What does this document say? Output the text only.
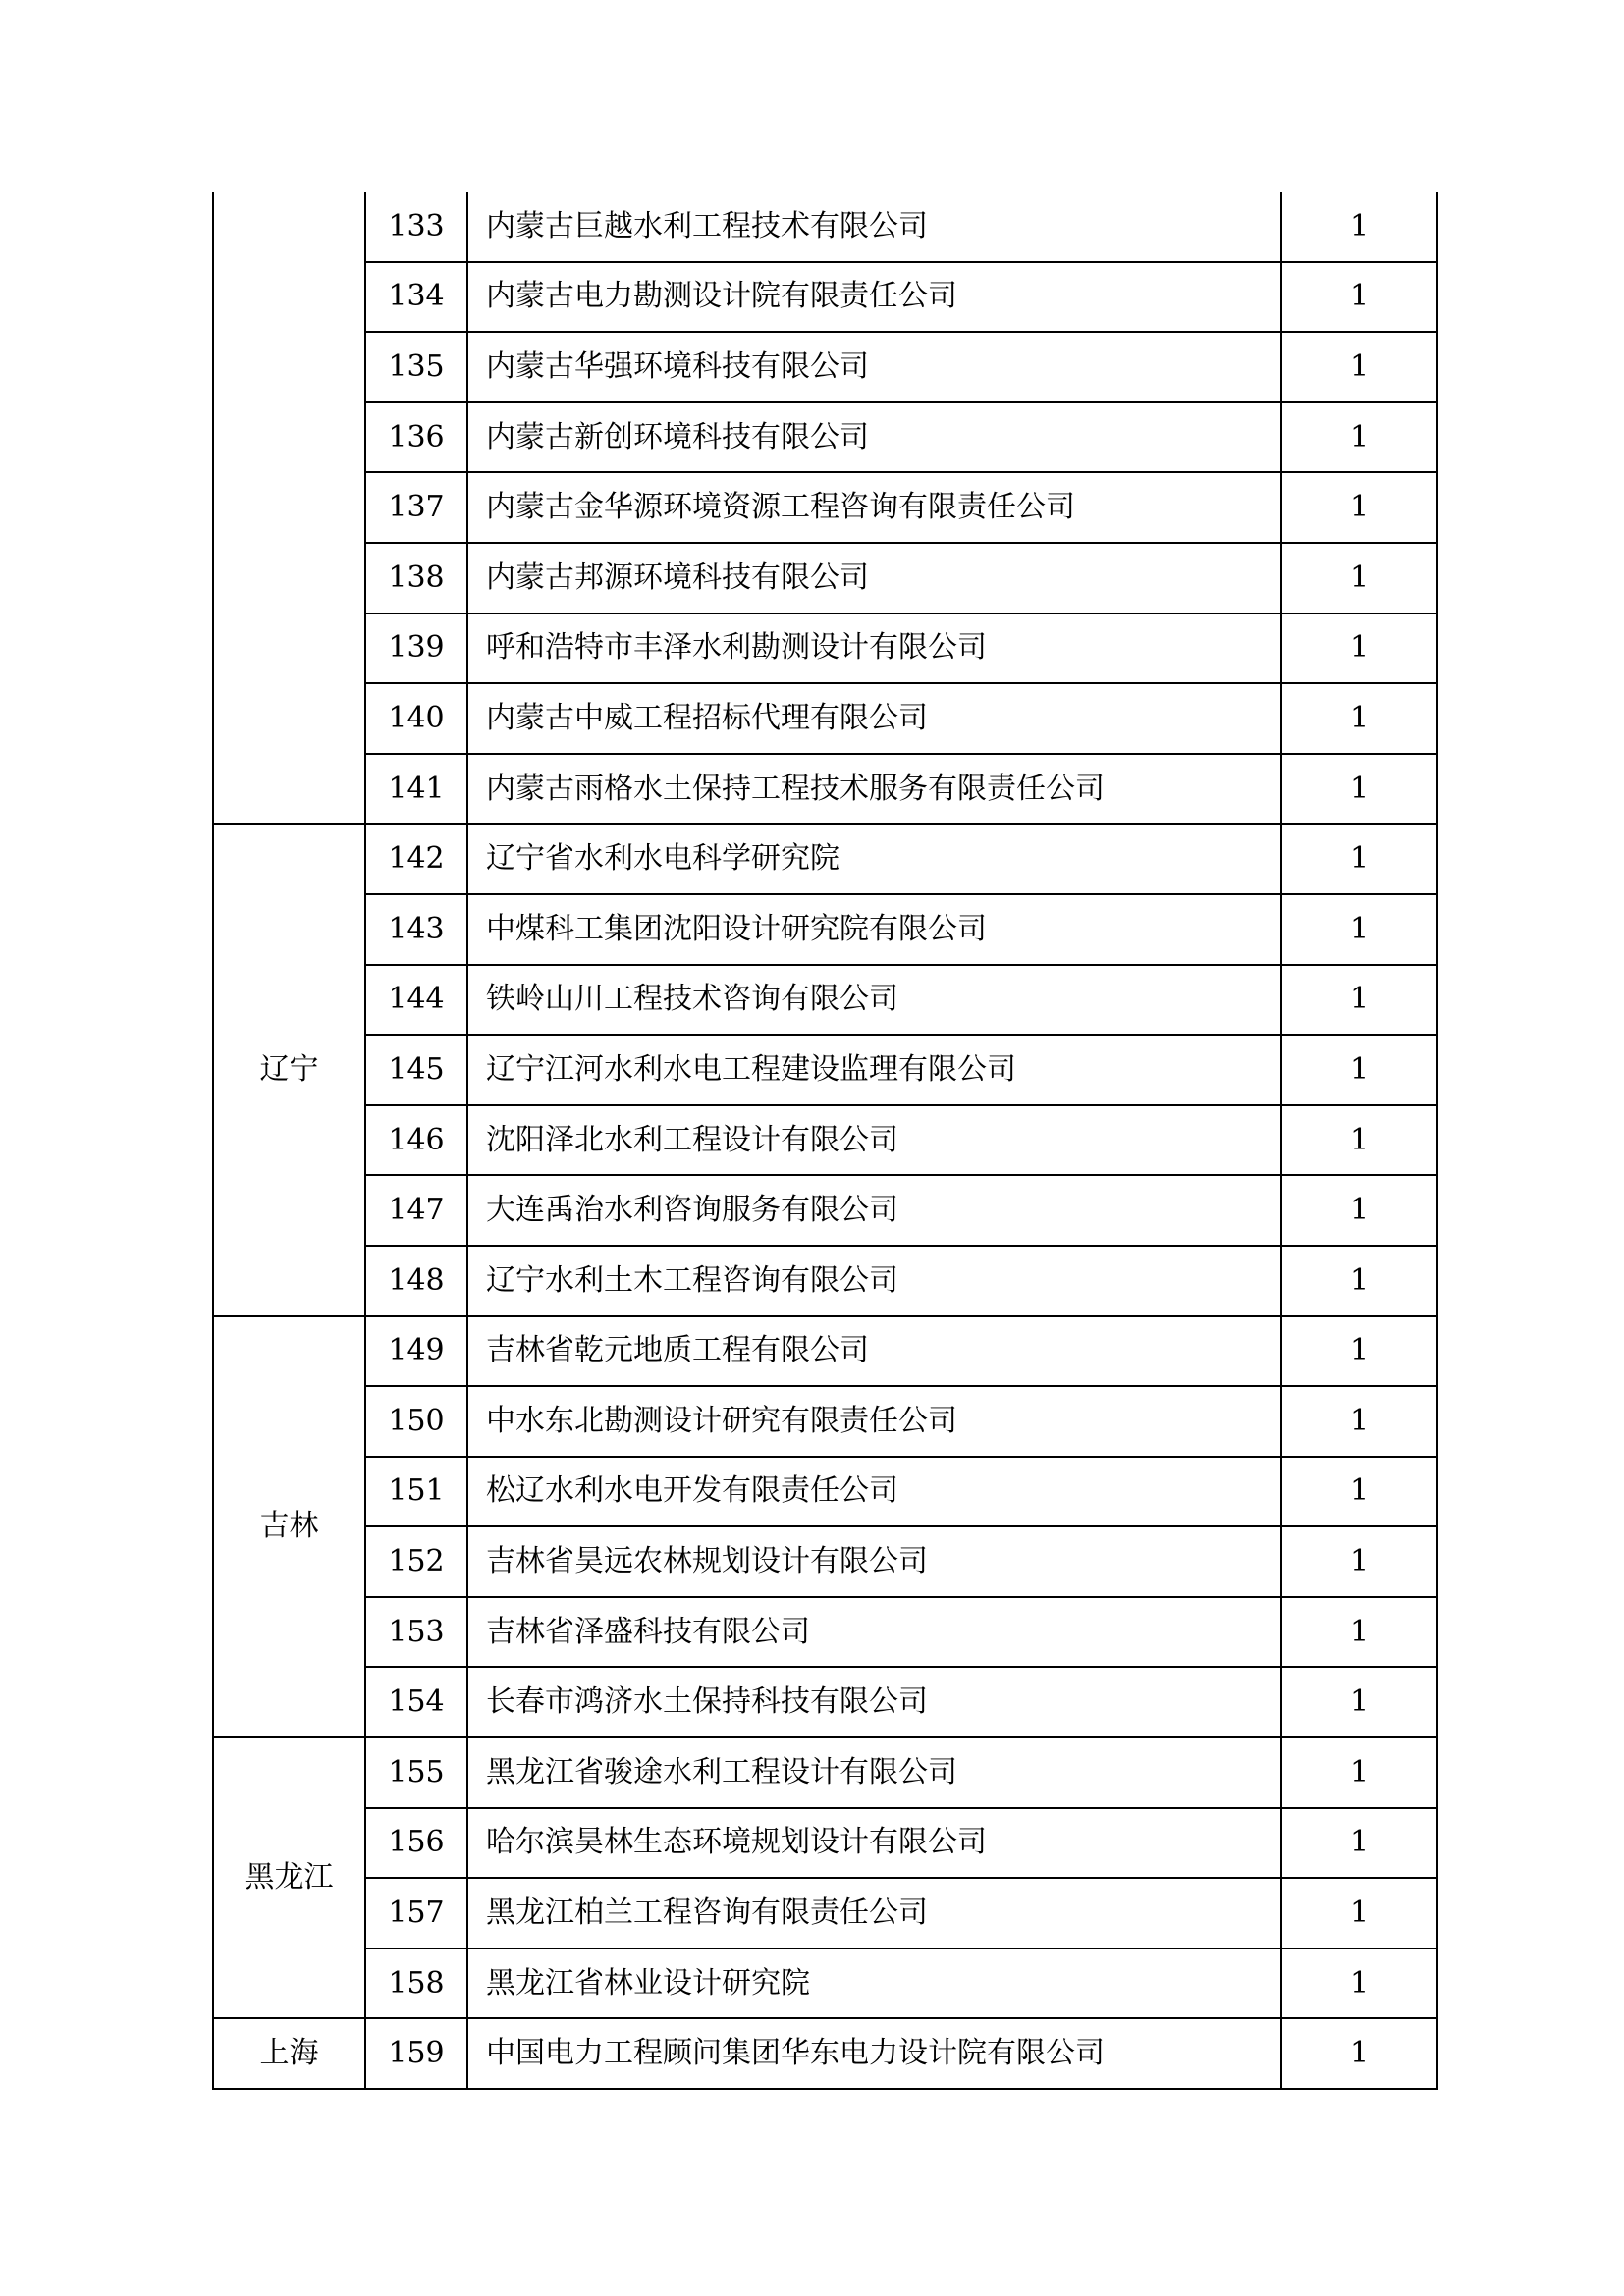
	133	内蒙古巨越水利工程技术有限公司	1
	134	内蒙古电力勘测设计院有限责任公司	1
	135	内蒙古华强环境科技有限公司	1
	136	内蒙古新创环境科技有限公司	1
	137	内蒙古金华源环境资源工程咨询有限责任公司	1
	138	内蒙古邦源环境科技有限公司	1
	139	呼和浩特市丰泽水利勘测设计有限公司	1
	140	内蒙古中威工程招标代理有限公司	1
	141	内蒙古雨格水土保持工程技术服务有限责任公司	1
辽宁	142	辽宁省水利水电科学研究院	1
	143	中煤科工集团沈阳设计研究院有限公司	1
	144	铁岭山川工程技术咨询有限公司	1
	145	辽宁江河水利水电工程建设监理有限公司	1
	146	沈阳泽北水利工程设计有限公司	1
	147	大连禹治水利咨询服务有限公司	1
	148	辽宁水利土木工程咨询有限公司	1
吉林	149	吉林省乾元地质工程有限公司	1
	150	中水东北勘测设计研究有限责任公司	1
	151	松辽水利水电开发有限责任公司	1
	152	吉林省昊远农林规划设计有限公司	1
	153	吉林省泽盛科技有限公司	1
	154	长春市鸿济水土保持科技有限公司	1
黑龙江	155	黑龙江省骏途水利工程设计有限公司	1
	156	哈尔滨昊林生态环境规划设计有限公司	1
	157	黑龙江柏兰工程咨询有限责任公司	1
	158	黑龙江省林业设计研究院	1
上海	159	中国电力工程顾问集团华东电力设计院有限公司	1
